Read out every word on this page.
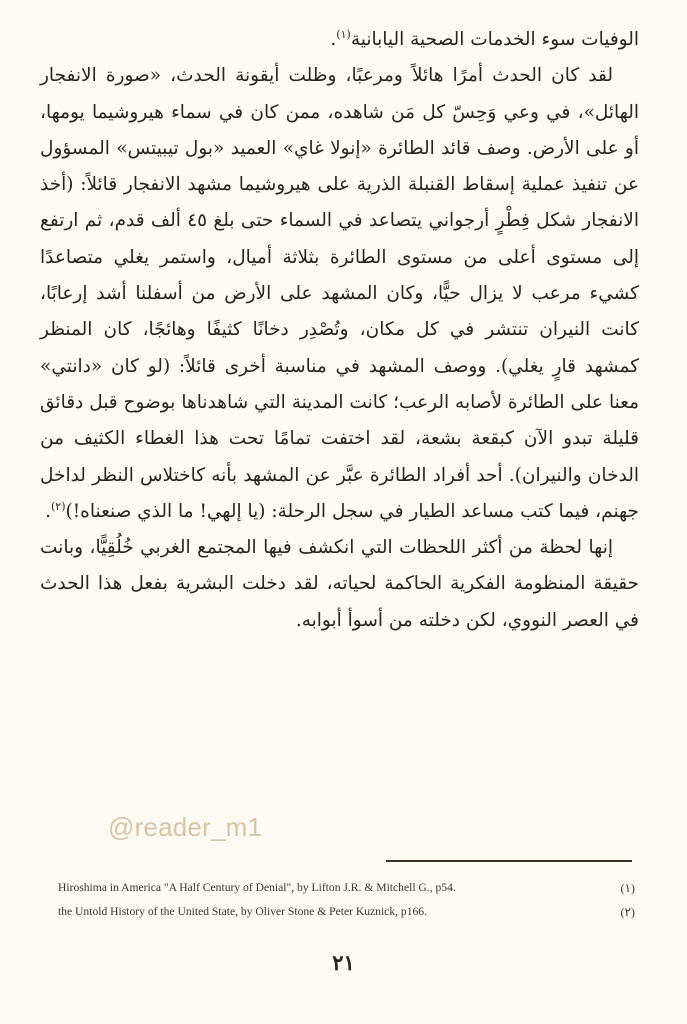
الوفيات سوء الخدمات الصحية اليابانية$^{(١)}$.

لقد كان الحدث أمرًا هائلاً ومرعبًا، وظلت أيقونة الحدث، «صورة الانفجار الهائل»، في وعي وَحِسّ كل مَن شاهده، ممن كان في سماء هيروشيما يومها، أو على الأرض. وصف قائد الطائرة «إنولا غاي» العميد «بول تيبيتس» المسؤول عن تنفيذ عملية إسقاط القنبلة الذرية على هيروشيما مشهد الانفجار قائلاً: (أخذ الانفجار شكل فِطْرٍ أرجواني يتصاعد في السماء حتى بلغ ٤٥ ألف قدم، ثم ارتفع إلى مستوى أعلى من مستوى الطائرة بثلاثة أميال، واستمر يغلي متصاعدًا كشيء مرعب لا يزال حيًّا، وكان المشهد على الأرض من أسفلنا أشد إرعابًا، كانت النيران تنتشر في كل مكان، وتُصْدِر دخانًا كثيفًا وهائجًا، كان المنظر كمشهد قارٍ يغلي). ووصف المشهد في مناسبة أخرى قائلاً: (لو كان «دانتي» معنا على الطائرة لأصابه الرعب؛ كانت المدينة التي شاهدناها بوضوح قبل دقائق قليلة تبدو الآن كبقعة بشعة، لقد اختفت تمامًا تحت هذا الغطاء الكثيف من الدخان والنيران). أحد أفراد الطائرة عبَّر عن المشهد بأنه كاختلاس النظر لداخل جهنم، فيما كتب مساعد الطيار في سجل الرحلة: (يا إلهي! ما الذي صنعناه!)$^{(٢)}$.

إنها لحظة من أكثر اللحظات التي انكشف فيها المجتمع الغربي خُلُقِيًّا، وبانت حقيقة المنظومة الفكرية الحاكمة لحياته، لقد دخلت البشرية بفعل هذا الحدث في العصر النووي، لكن دخلته من أسوأ أبوابه.

@reader_m1
Hiroshima in America "A Half Century of Denial", by Lifton J.R. & Mitchell G., p54.	(١)
the Untold History of the United State, by Oliver Stone & Peter Kuznick, p166.	(٢)
٢١
